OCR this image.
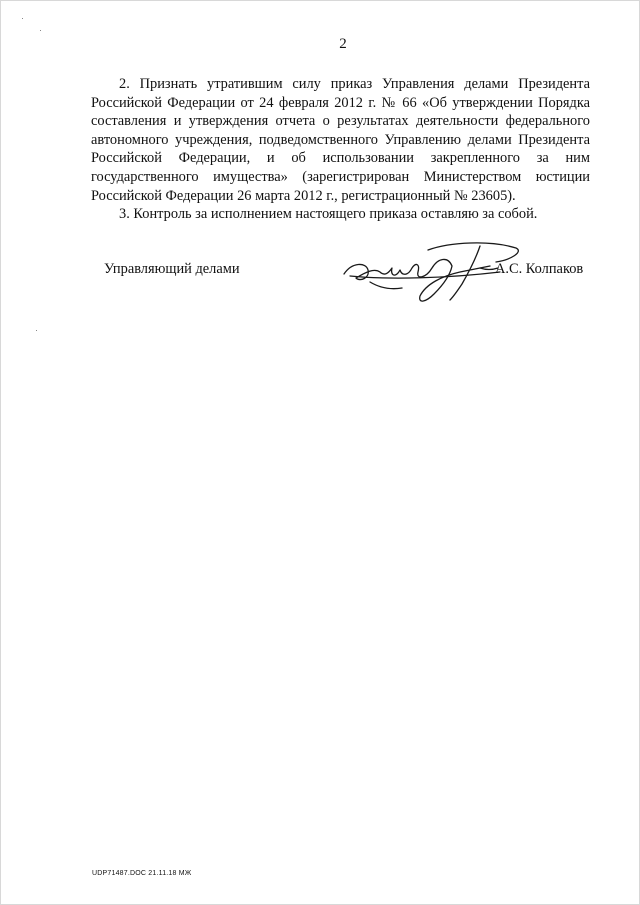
2

2. Признать утратившим силу приказ Управления делами Президента Российской Федерации от 24 февраля 2012 г. № 66 «Об утверждении Порядка составления и утверждения отчета о результатах деятельности федерального автономного учреждения, подведомственного Управлению делами Президента Российской Федерации, и об использовании закрепленного за ним государственного имущества» (зарегистрирован Министерством юстиции Российской Федерации 26 марта 2012 г., регистрационный № 23605).

3. Контроль за исполнением настоящего приказа оставляю за собой.

Управляющий делами	А.С. Колпаков
UDP71487.DOC 21.11.18 МЖ
